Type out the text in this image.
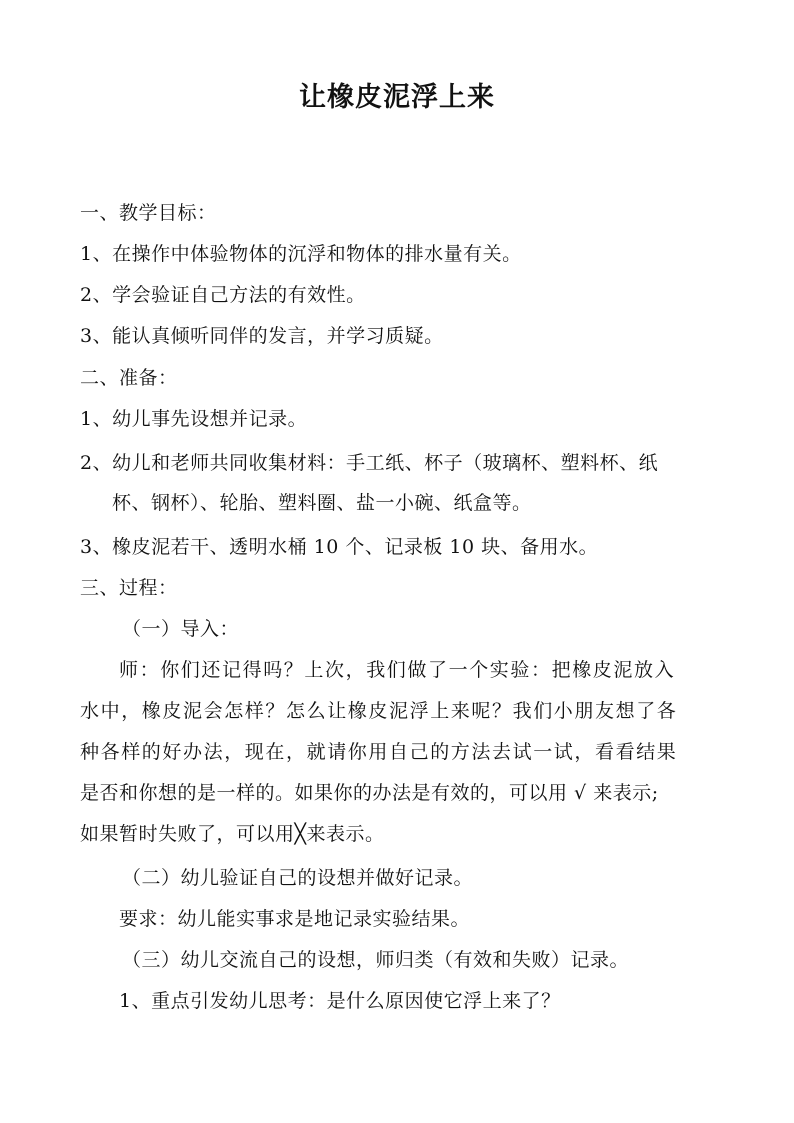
让橡皮泥浮上来
一、教学目标：
1、在操作中体验物体的沉浮和物体的排水量有关。
2、学会验证自己方法的有效性。
3、能认真倾听同伴的发言，并学习质疑。
二、准备：
1、幼儿事先设想并记录。
2、幼儿和老师共同收集材料：手工纸、杯子（玻璃杯、塑料杯、纸
杯、钢杯）、轮胎、塑料圈、盐一小碗、纸盒等。
3、橡皮泥若干、透明水桶 10 个、记录板 10 块、备用水。
三、过程：
（一）导入：
师：你们还记得吗？上次，我们做了一个实验：把橡皮泥放入
水中，橡皮泥会怎样？怎么让橡皮泥浮上来呢？我们小朋友想了各
种各样的好办法，现在，就请你用自己的方法去试一试，看看结果
是否和你想的是一样的。如果你的办法是有效的，可以用 √ 来表示;
如果暂时失败了，可以用╳来表示。
（二）幼儿验证自己的设想并做好记录。
要求：幼儿能实事求是地记录实验结果。
（三）幼儿交流自己的设想，师归类（有效和失败）记录。
1、重点引发幼儿思考：是什么原因使它浮上来了？
